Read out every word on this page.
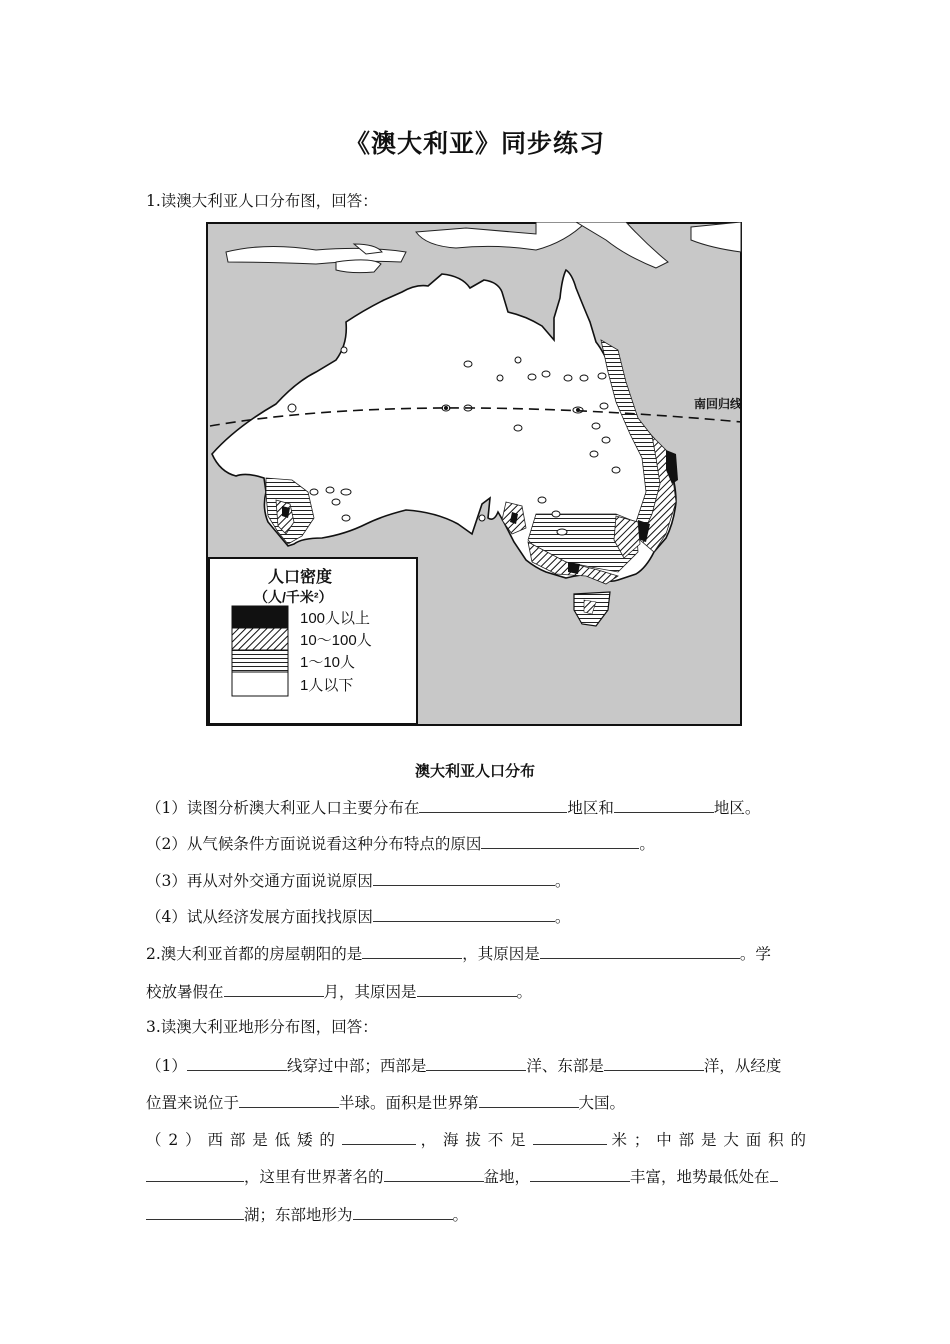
《澳大利亚》同步练习
1.读澳大利亚人口分布图，回答：
南回归线
人口密度
（人/千米²）
100人以上
10～100人
1～10人
1人以下
澳大利亚人口分布
（1）读图分析澳大利亚人口主要分布在	地区和	地区。
（2）从气候条件方面说说看这种分布特点的原因	。
（3）再从对外交通方面说说原因	。
（4）试从经济发展方面找找原因	。
2.澳大利亚首都的房屋朝阳的是	，其原因是	。学
校放暑假在	月，其原因是	。
3.读澳大利亚地形分布图，回答：
（1）	线穿过中部；西部是	洋、东部是	洋，从经度
位置来说位于	半球。面积是世界第	大国。
（2）西部是低矮的	，海拔不足	米；中部是大面积的
，这里有世界著名的	盆地，	丰富，地势最低处在
湖；东部地形为	。
